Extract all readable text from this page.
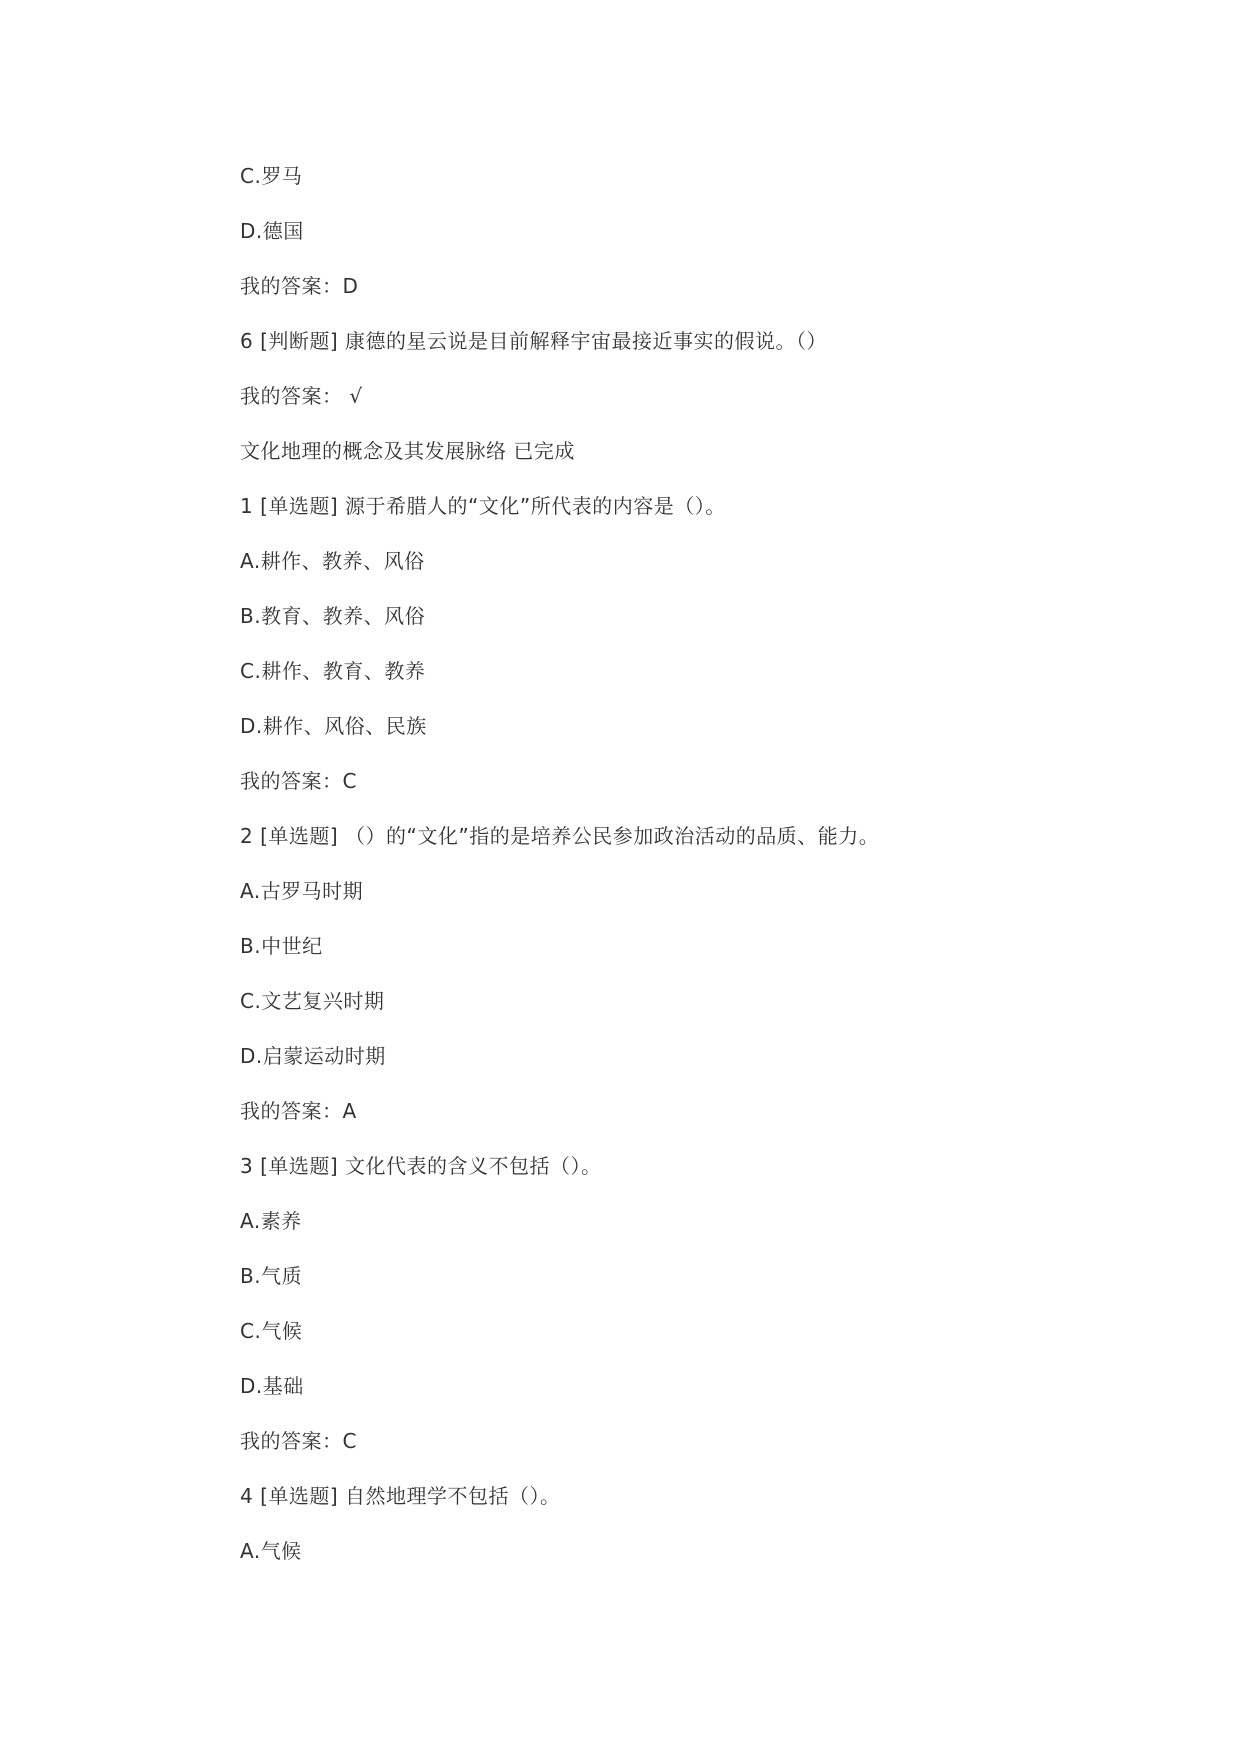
C.罗马
D.德国
我的答案：D
6 [判断题] 康德的星云说是目前解释宇宙最接近事实的假说。（）
我的答案： √
文化地理的概念及其发展脉络 已完成
1 [单选题] 源于希腊人的“文化”所代表的内容是（）。
A.耕作、教养、风俗
B.教育、教养、风俗
C.耕作、教育、教养
D.耕作、风俗、民族
我的答案：C
2 [单选题] （）的“文化”指的是培养公民参加政治活动的品质、能力。
A.古罗马时期
B.中世纪
C.文艺复兴时期
D.启蒙运动时期
我的答案：A
3 [单选题] 文化代表的含义不包括（）。
A.素养
B.气质
C.气候
D.基础
我的答案：C
4 [单选题] 自然地理学不包括（）。
A.气候
